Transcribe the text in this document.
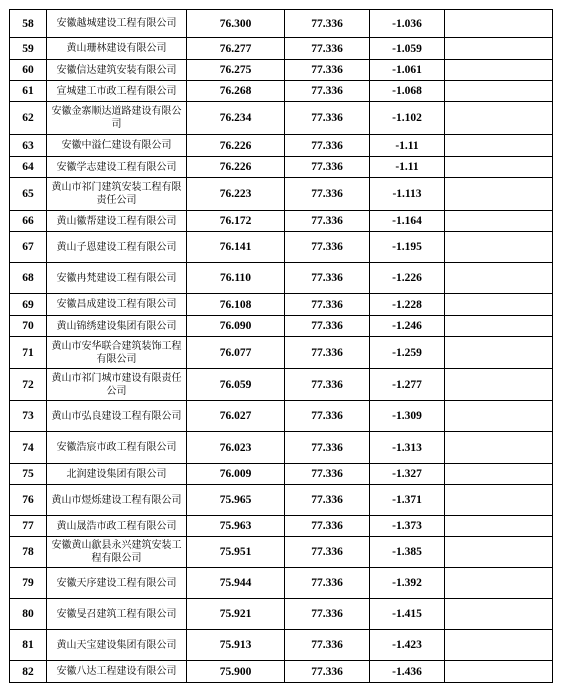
58	安徽越城建设工程有限公司	76.300	77.336	-1.036	
59	黄山珊林建设有限公司	76.277	77.336	-1.059	
60	安徽信达建筑安装有限公司	76.275	77.336	-1.061	
61	宣城建工市政工程有限公司	76.268	77.336	-1.068	
62	安徽金寨顺达道路建设有限公司	76.234	77.336	-1.102	
63	安徽中溢仁建设有限公司	76.226	77.336	-1.11	
64	安徽学志建设工程有限公司	76.226	77.336	-1.11	
65	黄山市祁门建筑安装工程有限责任公司	76.223	77.336	-1.113	
66	黄山徽帮建设工程有限公司	76.172	77.336	-1.164	
67	黄山子恩建设工程有限公司	76.141	77.336	-1.195	
68	安徽冉梵建设工程有限公司	76.110	77.336	-1.226	
69	安徽昌成建设工程有限公司	76.108	77.336	-1.228	
70	黄山锦绣建设集团有限公司	76.090	77.336	-1.246	
71	黄山市安华联合建筑装饰工程有限公司	76.077	77.336	-1.259	
72	黄山市祁门城市建设有限责任公司	76.059	77.336	-1.277	
73	黄山市弘良建设工程有限公司	76.027	77.336	-1.309	
74	安徽浩宸市政工程有限公司	76.023	77.336	-1.313	
75	北润建设集团有限公司	76.009	77.336	-1.327	
76	黄山市煜烁建设工程有限公司	75.965	77.336	-1.371	
77	黄山晟浩市政工程有限公司	75.963	77.336	-1.373	
78	安徽黄山歙县永兴建筑安装工程有限公司	75.951	77.336	-1.385	
79	安徽天序建设工程有限公司	75.944	77.336	-1.392	
80	安徽旻召建筑工程有限公司	75.921	77.336	-1.415	
81	黄山天宝建设集团有限公司	75.913	77.336	-1.423	
82	安徽八达工程建设有限公司	75.900	77.336	-1.436	
